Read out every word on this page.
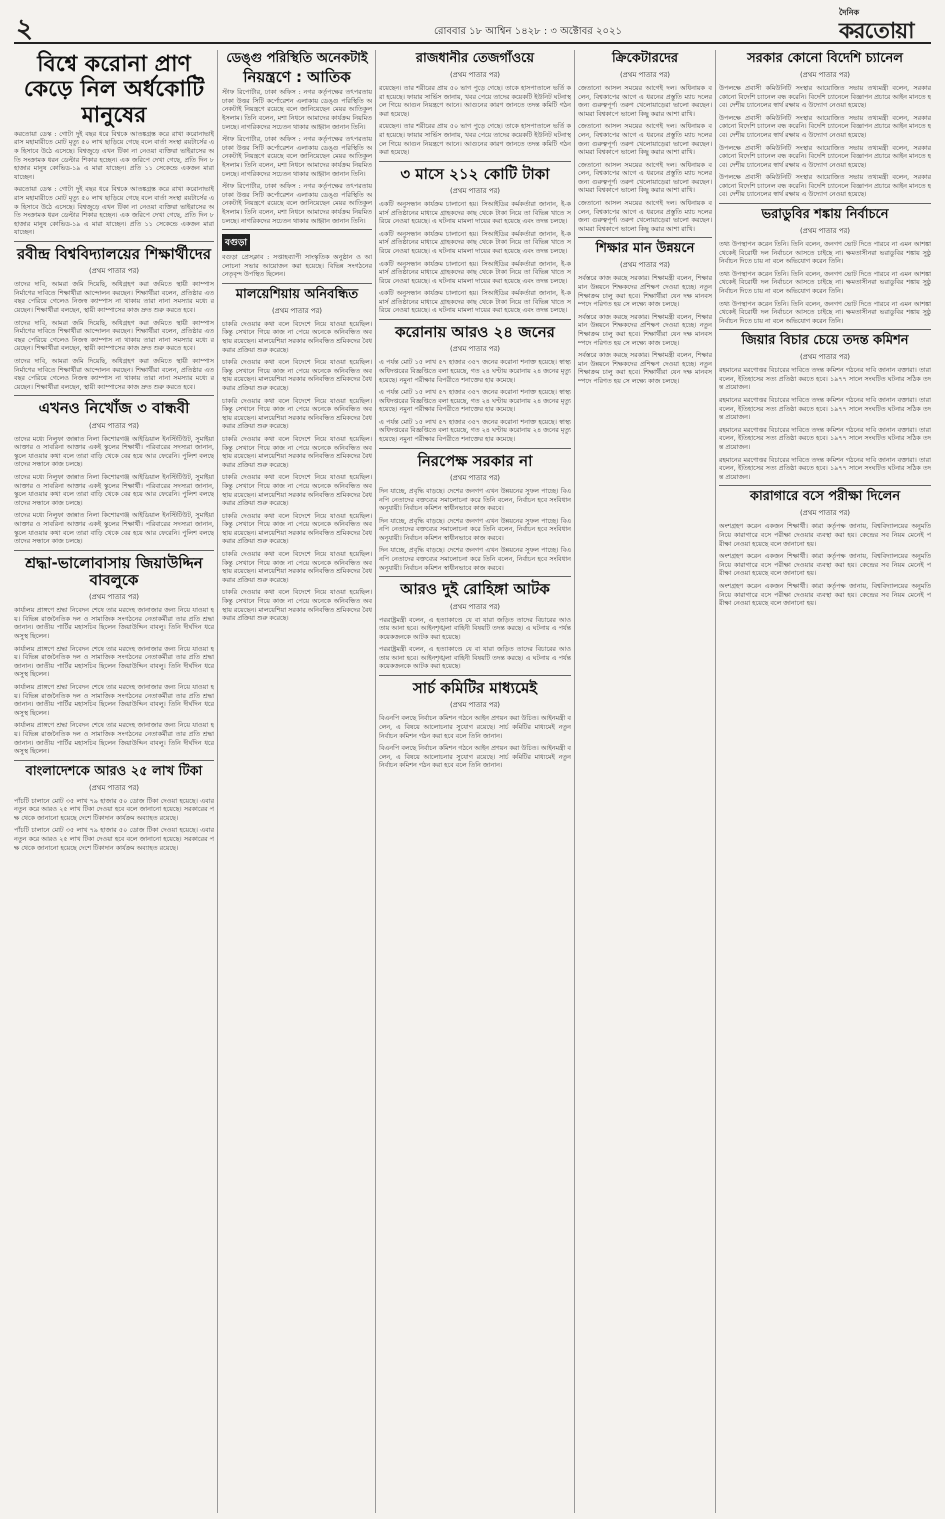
২	রোববার ১৮ আশ্বিন ১৪২৮ : ৩ অক্টোবর ২০২১
দৈনিক
করতোয়া
বিশ্বে করোনা প্রাণ কেড়ে নিল অর্ধকোটি মানুষের

করতোয়া ডেস্ক : গোটা দুই বছর ধরে বিশ্বকে আতঙ্কগ্রস্ত করে রাখা করোনাভাইরাস মহামারীতে মোট মৃত্যু ৫০ লাখ ছাড়িয়ে গেছে বলে বার্তা সংস্থা রয়টার্সের এক হিসাবে উঠে এসেছে। বিশ্বজুড়ে এখন টিকা না নেওয়া ব্যক্তিরা ভাইরাসের অতি সংক্রামক ধরন ডেল্টার শিকার হচ্ছেন। এক জরিপে দেখা গেছে, প্রতি দিন ৮ হাজার মানুষ কোভিড-১৯ এ মারা যাচ্ছেন। প্রতি ১১ সেকেন্ডে একজন মারা যাচ্ছেন।

করতোয়া ডেস্ক : গোটা দুই বছর ধরে বিশ্বকে আতঙ্কগ্রস্ত করে রাখা করোনাভাইরাস মহামারীতে মোট মৃত্যু ৫০ লাখ ছাড়িয়ে গেছে বলে বার্তা সংস্থা রয়টার্সের এক হিসাবে উঠে এসেছে। বিশ্বজুড়ে এখন টিকা না নেওয়া ব্যক্তিরা ভাইরাসের অতি সংক্রামক ধরন ডেল্টার শিকার হচ্ছেন। এক জরিপে দেখা গেছে, প্রতি দিন ৮ হাজার মানুষ কোভিড-১৯ এ মারা যাচ্ছেন। প্রতি ১১ সেকেন্ডে একজন মারা যাচ্ছেন।

রবীন্দ্র বিশ্ববিদ্যালয়ের শিক্ষার্থীদের
(প্রথম পাতার পর)

তাদের দাবি, আমরা জমি দিয়েছি, অধিগ্রহণ করা জমিতে স্থায়ী ক্যাম্পাস নির্মাণের দাবিতে শিক্ষার্থীরা আন্দোলন করছেন। শিক্ষার্থীরা বলেন, প্রতিষ্ঠার এত বছর পেরিয়ে গেলেও নিজস্ব ক্যাম্পাস না থাকায় তারা নানা সমস্যার মধ্যে রয়েছেন। শিক্ষার্থীরা বলছেন, স্থায়ী ক্যাম্পাসের কাজ দ্রুত শুরু করতে হবে।

তাদের দাবি, আমরা জমি দিয়েছি, অধিগ্রহণ করা জমিতে স্থায়ী ক্যাম্পাস নির্মাণের দাবিতে শিক্ষার্থীরা আন্দোলন করছেন। শিক্ষার্থীরা বলেন, প্রতিষ্ঠার এত বছর পেরিয়ে গেলেও নিজস্ব ক্যাম্পাস না থাকায় তারা নানা সমস্যার মধ্যে রয়েছেন। শিক্ষার্থীরা বলছেন, স্থায়ী ক্যাম্পাসের কাজ দ্রুত শুরু করতে হবে।

তাদের দাবি, আমরা জমি দিয়েছি, অধিগ্রহণ করা জমিতে স্থায়ী ক্যাম্পাস নির্মাণের দাবিতে শিক্ষার্থীরা আন্দোলন করছেন। শিক্ষার্থীরা বলেন, প্রতিষ্ঠার এত বছর পেরিয়ে গেলেও নিজস্ব ক্যাম্পাস না থাকায় তারা নানা সমস্যার মধ্যে রয়েছেন। শিক্ষার্থীরা বলছেন, স্থায়ী ক্যাম্পাসের কাজ দ্রুত শুরু করতে হবে।

এখনও নিখোঁজ ৩ বান্ধবী
(প্রথম পাতার পর)

তাদের মধ্যে নিলুফা জান্নাত নিলা কিশোরগঞ্জ আইডিয়াল ইনস্টিটিউট, সুমাইয়া আক্তার ও সাবরিনা আক্তার একই স্কুলের শিক্ষার্থী। পরিবারের সদস্যরা জানান, স্কুলে যাওয়ার কথা বলে তারা বাড়ি থেকে বের হয়ে আর ফেরেনি। পুলিশ বলছে তাদের সন্ধানে কাজ চলছে।

তাদের মধ্যে নিলুফা জান্নাত নিলা কিশোরগঞ্জ আইডিয়াল ইনস্টিটিউট, সুমাইয়া আক্তার ও সাবরিনা আক্তার একই স্কুলের শিক্ষার্থী। পরিবারের সদস্যরা জানান, স্কুলে যাওয়ার কথা বলে তারা বাড়ি থেকে বের হয়ে আর ফেরেনি। পুলিশ বলছে তাদের সন্ধানে কাজ চলছে।

তাদের মধ্যে নিলুফা জান্নাত নিলা কিশোরগঞ্জ আইডিয়াল ইনস্টিটিউট, সুমাইয়া আক্তার ও সাবরিনা আক্তার একই স্কুলের শিক্ষার্থী। পরিবারের সদস্যরা জানান, স্কুলে যাওয়ার কথা বলে তারা বাড়ি থেকে বের হয়ে আর ফেরেনি। পুলিশ বলছে তাদের সন্ধানে কাজ চলছে।

শ্রদ্ধা-ভালোবাসায় জিয়াউদ্দিন বাবলুকে
(প্রথম পাতার পর)

কার্যালয় প্রাঙ্গণে শ্রদ্ধা নিবেদন শেষে তার মরদেহ জানাজার জন্য নিয়ে যাওয়া হয়। বিভিন্ন রাজনৈতিক দল ও সামাজিক সংগঠনের নেতাকর্মীরা তার প্রতি শ্রদ্ধা জানান। জাতীয় পার্টির মহাসচিব ছিলেন জিয়াউদ্দিন বাবলু। তিনি দীর্ঘদিন ধরে অসুস্থ ছিলেন।

কার্যালয় প্রাঙ্গণে শ্রদ্ধা নিবেদন শেষে তার মরদেহ জানাজার জন্য নিয়ে যাওয়া হয়। বিভিন্ন রাজনৈতিক দল ও সামাজিক সংগঠনের নেতাকর্মীরা তার প্রতি শ্রদ্ধা জানান। জাতীয় পার্টির মহাসচিব ছিলেন জিয়াউদ্দিন বাবলু। তিনি দীর্ঘদিন ধরে অসুস্থ ছিলেন।

কার্যালয় প্রাঙ্গণে শ্রদ্ধা নিবেদন শেষে তার মরদেহ জানাজার জন্য নিয়ে যাওয়া হয়। বিভিন্ন রাজনৈতিক দল ও সামাজিক সংগঠনের নেতাকর্মীরা তার প্রতি শ্রদ্ধা জানান। জাতীয় পার্টির মহাসচিব ছিলেন জিয়াউদ্দিন বাবলু। তিনি দীর্ঘদিন ধরে অসুস্থ ছিলেন।

কার্যালয় প্রাঙ্গণে শ্রদ্ধা নিবেদন শেষে তার মরদেহ জানাজার জন্য নিয়ে যাওয়া হয়। বিভিন্ন রাজনৈতিক দল ও সামাজিক সংগঠনের নেতাকর্মীরা তার প্রতি শ্রদ্ধা জানান। জাতীয় পার্টির মহাসচিব ছিলেন জিয়াউদ্দিন বাবলু। তিনি দীর্ঘদিন ধরে অসুস্থ ছিলেন।

বাংলাদেশকে আরও ২৫ লাখ টিকা
(প্রথম পাতার পর)

পাঁচটি চালানে মোট ৩৫ লাখ ৭৯ হাজার ৫০ ডোজ টিকা দেওয়া হয়েছে। এবার নতুন করে আরও ২৫ লাখ টিকা দেওয়া হবে বলে জানানো হয়েছে। সরকারের পক্ষ থেকে জানানো হয়েছে দেশে টিকাদান কার্যক্রম অব্যাহত রয়েছে।

পাঁচটি চালানে মোট ৩৫ লাখ ৭৯ হাজার ৫০ ডোজ টিকা দেওয়া হয়েছে। এবার নতুন করে আরও ২৫ লাখ টিকা দেওয়া হবে বলে জানানো হয়েছে। সরকারের পক্ষ থেকে জানানো হয়েছে দেশে টিকাদান কার্যক্রম অব্যাহত রয়েছে।

ডেঙ্গু পরিস্থিতি অনেকটাই
নিয়ন্ত্রণে : আতিক

স্টাফ রিপোর্টার, ঢাকা অফিস : নগর কর্তৃপক্ষের তৎপরতায় ঢাকা উত্তর সিটি কর্পোরেশন এলাকায় ডেঙ্গু পরিস্থিতি অনেকটাই নিয়ন্ত্রণে রয়েছে বলে জানিয়েছেন মেয়র আতিকুল ইসলাম। তিনি বলেন, মশা নিধনে আমাদের কার্যক্রম নিয়মিত চলছে। নাগরিকদের সচেতন থাকার আহ্বান জানান তিনি।

স্টাফ রিপোর্টার, ঢাকা অফিস : নগর কর্তৃপক্ষের তৎপরতায় ঢাকা উত্তর সিটি কর্পোরেশন এলাকায় ডেঙ্গু পরিস্থিতি অনেকটাই নিয়ন্ত্রণে রয়েছে বলে জানিয়েছেন মেয়র আতিকুল ইসলাম। তিনি বলেন, মশা নিধনে আমাদের কার্যক্রম নিয়মিত চলছে। নাগরিকদের সচেতন থাকার আহ্বান জানান তিনি।

স্টাফ রিপোর্টার, ঢাকা অফিস : নগর কর্তৃপক্ষের তৎপরতায় ঢাকা উত্তর সিটি কর্পোরেশন এলাকায় ডেঙ্গু পরিস্থিতি অনেকটাই নিয়ন্ত্রণে রয়েছে বলে জানিয়েছেন মেয়র আতিকুল ইসলাম। তিনি বলেন, মশা নিধনে আমাদের কার্যক্রম নিয়মিত চলছে। নাগরিকদের সচেতন থাকার আহ্বান জানান তিনি।

বগুড়া

বগুড়া প্রেসক্লাব : সপ্তাহব্যাপী সাংস্কৃতিক অনুষ্ঠান ও আলোচনা সভার আয়োজন করা হয়েছে। বিভিন্ন সংগঠনের নেতৃবৃন্দ উপস্থিত ছিলেন।

মালয়েশিয়ায় অনিবন্ধিত
(প্রথম পাতার পর)

চাকরি দেওয়ার কথা বলে বিদেশে নিয়ে যাওয়া হয়েছিল। কিন্তু সেখানে গিয়ে কাজ না পেয়ে অনেকে অনিবন্ধিত অবস্থায় রয়েছেন। মালয়েশিয়া সরকার অনিবন্ধিত শ্রমিকদের বৈধ করার প্রক্রিয়া শুরু করেছে।

চাকরি দেওয়ার কথা বলে বিদেশে নিয়ে যাওয়া হয়েছিল। কিন্তু সেখানে গিয়ে কাজ না পেয়ে অনেকে অনিবন্ধিত অবস্থায় রয়েছেন। মালয়েশিয়া সরকার অনিবন্ধিত শ্রমিকদের বৈধ করার প্রক্রিয়া শুরু করেছে।

চাকরি দেওয়ার কথা বলে বিদেশে নিয়ে যাওয়া হয়েছিল। কিন্তু সেখানে গিয়ে কাজ না পেয়ে অনেকে অনিবন্ধিত অবস্থায় রয়েছেন। মালয়েশিয়া সরকার অনিবন্ধিত শ্রমিকদের বৈধ করার প্রক্রিয়া শুরু করেছে।

চাকরি দেওয়ার কথা বলে বিদেশে নিয়ে যাওয়া হয়েছিল। কিন্তু সেখানে গিয়ে কাজ না পেয়ে অনেকে অনিবন্ধিত অবস্থায় রয়েছেন। মালয়েশিয়া সরকার অনিবন্ধিত শ্রমিকদের বৈধ করার প্রক্রিয়া শুরু করেছে।

চাকরি দেওয়ার কথা বলে বিদেশে নিয়ে যাওয়া হয়েছিল। কিন্তু সেখানে গিয়ে কাজ না পেয়ে অনেকে অনিবন্ধিত অবস্থায় রয়েছেন। মালয়েশিয়া সরকার অনিবন্ধিত শ্রমিকদের বৈধ করার প্রক্রিয়া শুরু করেছে।

চাকরি দেওয়ার কথা বলে বিদেশে নিয়ে যাওয়া হয়েছিল। কিন্তু সেখানে গিয়ে কাজ না পেয়ে অনেকে অনিবন্ধিত অবস্থায় রয়েছেন। মালয়েশিয়া সরকার অনিবন্ধিত শ্রমিকদের বৈধ করার প্রক্রিয়া শুরু করেছে।

চাকরি দেওয়ার কথা বলে বিদেশে নিয়ে যাওয়া হয়েছিল। কিন্তু সেখানে গিয়ে কাজ না পেয়ে অনেকে অনিবন্ধিত অবস্থায় রয়েছেন। মালয়েশিয়া সরকার অনিবন্ধিত শ্রমিকদের বৈধ করার প্রক্রিয়া শুরু করেছে।

চাকরি দেওয়ার কথা বলে বিদেশে নিয়ে যাওয়া হয়েছিল। কিন্তু সেখানে গিয়ে কাজ না পেয়ে অনেকে অনিবন্ধিত অবস্থায় রয়েছেন। মালয়েশিয়া সরকার অনিবন্ধিত শ্রমিকদের বৈধ করার প্রক্রিয়া শুরু করেছে।

রাজধানীর তেজগাঁওয়ে
(প্রথম পাতার পর)

রয়েছেন। তার শরীরের প্রায় ৫০ ভাগ পুড়ে গেছে। তাকে হাসপাতালে ভর্তি করা হয়েছে। ফায়ার সার্ভিস জানায়, খবর পেয়ে তাদের কয়েকটি ইউনিট ঘটনাস্থলে গিয়ে আগুন নিয়ন্ত্রণে আনে। আগুনের কারণ জানতে তদন্ত কমিটি গঠন করা হয়েছে।

রয়েছেন। তার শরীরের প্রায় ৫০ ভাগ পুড়ে গেছে। তাকে হাসপাতালে ভর্তি করা হয়েছে। ফায়ার সার্ভিস জানায়, খবর পেয়ে তাদের কয়েকটি ইউনিট ঘটনাস্থলে গিয়ে আগুন নিয়ন্ত্রণে আনে। আগুনের কারণ জানতে তদন্ত কমিটি গঠন করা হয়েছে।

৩ মাসে ২১২ কোটি টাকা
(প্রথম পাতার পর)

একটি অনুসন্ধান কার্যক্রম চালানো হয়। সিআইডির কর্মকর্তারা জানান, ই-কমার্স প্রতিষ্ঠানের মাধ্যমে গ্রাহকদের কাছ থেকে টাকা নিয়ে তা বিভিন্ন খাতে সরিয়ে নেওয়া হয়েছে। এ ঘটনায় মামলা দায়ের করা হয়েছে এবং তদন্ত চলছে।

একটি অনুসন্ধান কার্যক্রম চালানো হয়। সিআইডির কর্মকর্তারা জানান, ই-কমার্স প্রতিষ্ঠানের মাধ্যমে গ্রাহকদের কাছ থেকে টাকা নিয়ে তা বিভিন্ন খাতে সরিয়ে নেওয়া হয়েছে। এ ঘটনায় মামলা দায়ের করা হয়েছে এবং তদন্ত চলছে।

একটি অনুসন্ধান কার্যক্রম চালানো হয়। সিআইডির কর্মকর্তারা জানান, ই-কমার্স প্রতিষ্ঠানের মাধ্যমে গ্রাহকদের কাছ থেকে টাকা নিয়ে তা বিভিন্ন খাতে সরিয়ে নেওয়া হয়েছে। এ ঘটনায় মামলা দায়ের করা হয়েছে এবং তদন্ত চলছে।

একটি অনুসন্ধান কার্যক্রম চালানো হয়। সিআইডির কর্মকর্তারা জানান, ই-কমার্স প্রতিষ্ঠানের মাধ্যমে গ্রাহকদের কাছ থেকে টাকা নিয়ে তা বিভিন্ন খাতে সরিয়ে নেওয়া হয়েছে। এ ঘটনায় মামলা দায়ের করা হয়েছে এবং তদন্ত চলছে।

করোনায় আরও ২৪ জনের
(প্রথম পাতার পর)

এ পর্যন্ত মোট ১৫ লাখ ৫৭ হাজার ৩৫৭ জনের করোনা শনাক্ত হয়েছে। স্বাস্থ্য অধিদপ্তরের বিজ্ঞপ্তিতে বলা হয়েছে, গত ২৪ ঘণ্টায় করোনায় ২৪ জনের মৃত্যু হয়েছে। নমুনা পরীক্ষার বিপরীতে শনাক্তের হার কমেছে।

এ পর্যন্ত মোট ১৫ লাখ ৫৭ হাজার ৩৫৭ জনের করোনা শনাক্ত হয়েছে। স্বাস্থ্য অধিদপ্তরের বিজ্ঞপ্তিতে বলা হয়েছে, গত ২৪ ঘণ্টায় করোনায় ২৪ জনের মৃত্যু হয়েছে। নমুনা পরীক্ষার বিপরীতে শনাক্তের হার কমেছে।

এ পর্যন্ত মোট ১৫ লাখ ৫৭ হাজার ৩৫৭ জনের করোনা শনাক্ত হয়েছে। স্বাস্থ্য অধিদপ্তরের বিজ্ঞপ্তিতে বলা হয়েছে, গত ২৪ ঘণ্টায় করোনায় ২৪ জনের মৃত্যু হয়েছে। নমুনা পরীক্ষার বিপরীতে শনাক্তের হার কমেছে।

নিরপেক্ষ সরকার না
(প্রথম পাতার পর)

দিন যাচ্ছে, প্রবৃদ্ধি বাড়ছে। দেশের জনগণ এখন উন্নয়নের সুফল পাচ্ছে। বিএনপি নেতাদের বক্তব্যের সমালোচনা করে তিনি বলেন, নির্বাচন হবে সংবিধান অনুযায়ী। নির্বাচন কমিশন স্বাধীনভাবে কাজ করবে।

দিন যাচ্ছে, প্রবৃদ্ধি বাড়ছে। দেশের জনগণ এখন উন্নয়নের সুফল পাচ্ছে। বিএনপি নেতাদের বক্তব্যের সমালোচনা করে তিনি বলেন, নির্বাচন হবে সংবিধান অনুযায়ী। নির্বাচন কমিশন স্বাধীনভাবে কাজ করবে।

দিন যাচ্ছে, প্রবৃদ্ধি বাড়ছে। দেশের জনগণ এখন উন্নয়নের সুফল পাচ্ছে। বিএনপি নেতাদের বক্তব্যের সমালোচনা করে তিনি বলেন, নির্বাচন হবে সংবিধান অনুযায়ী। নির্বাচন কমিশন স্বাধীনভাবে কাজ করবে।

আরও দুই রোহিঙ্গা আটক
(প্রথম পাতার পর)

পররাষ্ট্রমন্ত্রী বলেন, এ হত্যাকাণ্ডে যে বা যারা জড়িত তাদের বিচারের আওতায় আনা হবে। আইনশৃঙ্খলা বাহিনী বিষয়টি তদন্ত করছে। এ ঘটনায় এ পর্যন্ত কয়েকজনকে আটক করা হয়েছে।

পররাষ্ট্রমন্ত্রী বলেন, এ হত্যাকাণ্ডে যে বা যারা জড়িত তাদের বিচারের আওতায় আনা হবে। আইনশৃঙ্খলা বাহিনী বিষয়টি তদন্ত করছে। এ ঘটনায় এ পর্যন্ত কয়েকজনকে আটক করা হয়েছে।

সার্চ কমিটির মাধ্যমেই
(প্রথম পাতার পর)

বিএনপি বলছে নির্বাচন কমিশন গঠনে আইন প্রণয়ন করা উচিত। আইনমন্ত্রী বলেন, এ বিষয়ে আলোচনার সুযোগ রয়েছে। সার্চ কমিটির মাধ্যমেই নতুন নির্বাচন কমিশন গঠন করা হবে বলে তিনি জানান।

বিএনপি বলছে নির্বাচন কমিশন গঠনে আইন প্রণয়ন করা উচিত। আইনমন্ত্রী বলেন, এ বিষয়ে আলোচনার সুযোগ রয়েছে। সার্চ কমিটির মাধ্যমেই নতুন নির্বাচন কমিশন গঠন করা হবে বলে তিনি জানান।

ক্রিকেটারদের
(প্রথম পাতার পর)

জেতানো আসল সময়ের আগেই দল। অধিনায়ক বলেন, বিশ্বকাপের আগে এ ধরনের প্রস্তুতি ম্যাচ দলের জন্য গুরুত্বপূর্ণ। তরুণ খেলোয়াড়েরা ভালো করছেন। আমরা বিশ্বকাপে ভালো কিছু করার আশা রাখি।

জেতানো আসল সময়ের আগেই দল। অধিনায়ক বলেন, বিশ্বকাপের আগে এ ধরনের প্রস্তুতি ম্যাচ দলের জন্য গুরুত্বপূর্ণ। তরুণ খেলোয়াড়েরা ভালো করছেন। আমরা বিশ্বকাপে ভালো কিছু করার আশা রাখি।

জেতানো আসল সময়ের আগেই দল। অধিনায়ক বলেন, বিশ্বকাপের আগে এ ধরনের প্রস্তুতি ম্যাচ দলের জন্য গুরুত্বপূর্ণ। তরুণ খেলোয়াড়েরা ভালো করছেন। আমরা বিশ্বকাপে ভালো কিছু করার আশা রাখি।

জেতানো আসল সময়ের আগেই দল। অধিনায়ক বলেন, বিশ্বকাপের আগে এ ধরনের প্রস্তুতি ম্যাচ দলের জন্য গুরুত্বপূর্ণ। তরুণ খেলোয়াড়েরা ভালো করছেন। আমরা বিশ্বকাপে ভালো কিছু করার আশা রাখি।

শিক্ষার মান উন্নয়নে
(প্রথম পাতার পর)

সর্বস্তরে কাজ করছে সরকার। শিক্ষামন্ত্রী বলেন, শিক্ষার মান উন্নয়নে শিক্ষকদের প্রশিক্ষণ দেওয়া হচ্ছে। নতুন শিক্ষাক্রম চালু করা হবে। শিক্ষার্থীরা যেন দক্ষ মানবসম্পদে পরিণত হয় সে লক্ষ্যে কাজ চলছে।

সর্বস্তরে কাজ করছে সরকার। শিক্ষামন্ত্রী বলেন, শিক্ষার মান উন্নয়নে শিক্ষকদের প্রশিক্ষণ দেওয়া হচ্ছে। নতুন শিক্ষাক্রম চালু করা হবে। শিক্ষার্থীরা যেন দক্ষ মানবসম্পদে পরিণত হয় সে লক্ষ্যে কাজ চলছে।

সর্বস্তরে কাজ করছে সরকার। শিক্ষামন্ত্রী বলেন, শিক্ষার মান উন্নয়নে শিক্ষকদের প্রশিক্ষণ দেওয়া হচ্ছে। নতুন শিক্ষাক্রম চালু করা হবে। শিক্ষার্থীরা যেন দক্ষ মানবসম্পদে পরিণত হয় সে লক্ষ্যে কাজ চলছে।

সরকার কোনো বিদেশি চ্যানেল
(প্রথম পাতার পর)

উপলক্ষে প্রবাসী কমিউনিটি সংস্থার আয়োজিত সভায় তথ্যমন্ত্রী বলেন, সরকার কোনো বিদেশি চ্যানেল বন্ধ করেনি। বিদেশি চ্যানেলে বিজ্ঞাপন প্রচারে আইন মানতে হবে। দেশীয় চ্যানেলের স্বার্থ রক্ষায় এ উদ্যোগ নেওয়া হয়েছে।

উপলক্ষে প্রবাসী কমিউনিটি সংস্থার আয়োজিত সভায় তথ্যমন্ত্রী বলেন, সরকার কোনো বিদেশি চ্যানেল বন্ধ করেনি। বিদেশি চ্যানেলে বিজ্ঞাপন প্রচারে আইন মানতে হবে। দেশীয় চ্যানেলের স্বার্থ রক্ষায় এ উদ্যোগ নেওয়া হয়েছে।

উপলক্ষে প্রবাসী কমিউনিটি সংস্থার আয়োজিত সভায় তথ্যমন্ত্রী বলেন, সরকার কোনো বিদেশি চ্যানেল বন্ধ করেনি। বিদেশি চ্যানেলে বিজ্ঞাপন প্রচারে আইন মানতে হবে। দেশীয় চ্যানেলের স্বার্থ রক্ষায় এ উদ্যোগ নেওয়া হয়েছে।

উপলক্ষে প্রবাসী কমিউনিটি সংস্থার আয়োজিত সভায় তথ্যমন্ত্রী বলেন, সরকার কোনো বিদেশি চ্যানেল বন্ধ করেনি। বিদেশি চ্যানেলে বিজ্ঞাপন প্রচারে আইন মানতে হবে। দেশীয় চ্যানেলের স্বার্থ রক্ষায় এ উদ্যোগ নেওয়া হয়েছে।

ভরাডুবির শঙ্কায় নির্বাচনে
(প্রথম পাতার পর)

তথ্য উপস্থাপন করেন তিনি। তিনি বলেন, জনগণ ভোট দিতে পারবে না এমন আশঙ্কা থেকেই বিরোধী দল নির্বাচনে আসতে চাইছে না। ক্ষমতাসীনরা ভরাডুবির শঙ্কায় সুষ্ঠু নির্বাচন দিতে চায় না বলে অভিযোগ করেন তিনি।

তথ্য উপস্থাপন করেন তিনি। তিনি বলেন, জনগণ ভোট দিতে পারবে না এমন আশঙ্কা থেকেই বিরোধী দল নির্বাচনে আসতে চাইছে না। ক্ষমতাসীনরা ভরাডুবির শঙ্কায় সুষ্ঠু নির্বাচন দিতে চায় না বলে অভিযোগ করেন তিনি।

তথ্য উপস্থাপন করেন তিনি। তিনি বলেন, জনগণ ভোট দিতে পারবে না এমন আশঙ্কা থেকেই বিরোধী দল নির্বাচনে আসতে চাইছে না। ক্ষমতাসীনরা ভরাডুবির শঙ্কায় সুষ্ঠু নির্বাচন দিতে চায় না বলে অভিযোগ করেন তিনি।

জিয়ার বিচার চেয়ে তদন্ত কমিশন
(প্রথম পাতার পর)

রহমানের মরণোত্তর বিচারের দাবিতে তদন্ত কমিশন গঠনের দাবি জানান বক্তারা। তারা বলেন, ইতিহাসের সত্য প্রতিষ্ঠা করতে হবে। ১৯৭৭ সালে সংঘটিত ঘটনার সঠিক তদন্ত প্রয়োজন।

রহমানের মরণোত্তর বিচারের দাবিতে তদন্ত কমিশন গঠনের দাবি জানান বক্তারা। তারা বলেন, ইতিহাসের সত্য প্রতিষ্ঠা করতে হবে। ১৯৭৭ সালে সংঘটিত ঘটনার সঠিক তদন্ত প্রয়োজন।

রহমানের মরণোত্তর বিচারের দাবিতে তদন্ত কমিশন গঠনের দাবি জানান বক্তারা। তারা বলেন, ইতিহাসের সত্য প্রতিষ্ঠা করতে হবে। ১৯৭৭ সালে সংঘটিত ঘটনার সঠিক তদন্ত প্রয়োজন।

রহমানের মরণোত্তর বিচারের দাবিতে তদন্ত কমিশন গঠনের দাবি জানান বক্তারা। তারা বলেন, ইতিহাসের সত্য প্রতিষ্ঠা করতে হবে। ১৯৭৭ সালে সংঘটিত ঘটনার সঠিক তদন্ত প্রয়োজন।

কারাগারে বসে পরীক্ষা দিলেন
(প্রথম পাতার পর)

অংশগ্রহণ করেন একজন শিক্ষার্থী। কারা কর্তৃপক্ষ জানায়, বিশ্ববিদ্যালয়ের অনুমতি নিয়ে কারাগারে বসে পরীক্ষা দেওয়ার ব্যবস্থা করা হয়। কেন্দ্রের সব নিয়ম মেনেই পরীক্ষা নেওয়া হয়েছে বলে জানানো হয়।

অংশগ্রহণ করেন একজন শিক্ষার্থী। কারা কর্তৃপক্ষ জানায়, বিশ্ববিদ্যালয়ের অনুমতি নিয়ে কারাগারে বসে পরীক্ষা দেওয়ার ব্যবস্থা করা হয়। কেন্দ্রের সব নিয়ম মেনেই পরীক্ষা নেওয়া হয়েছে বলে জানানো হয়।

অংশগ্রহণ করেন একজন শিক্ষার্থী। কারা কর্তৃপক্ষ জানায়, বিশ্ববিদ্যালয়ের অনুমতি নিয়ে কারাগারে বসে পরীক্ষা দেওয়ার ব্যবস্থা করা হয়। কেন্দ্রের সব নিয়ম মেনেই পরীক্ষা নেওয়া হয়েছে বলে জানানো হয়।
